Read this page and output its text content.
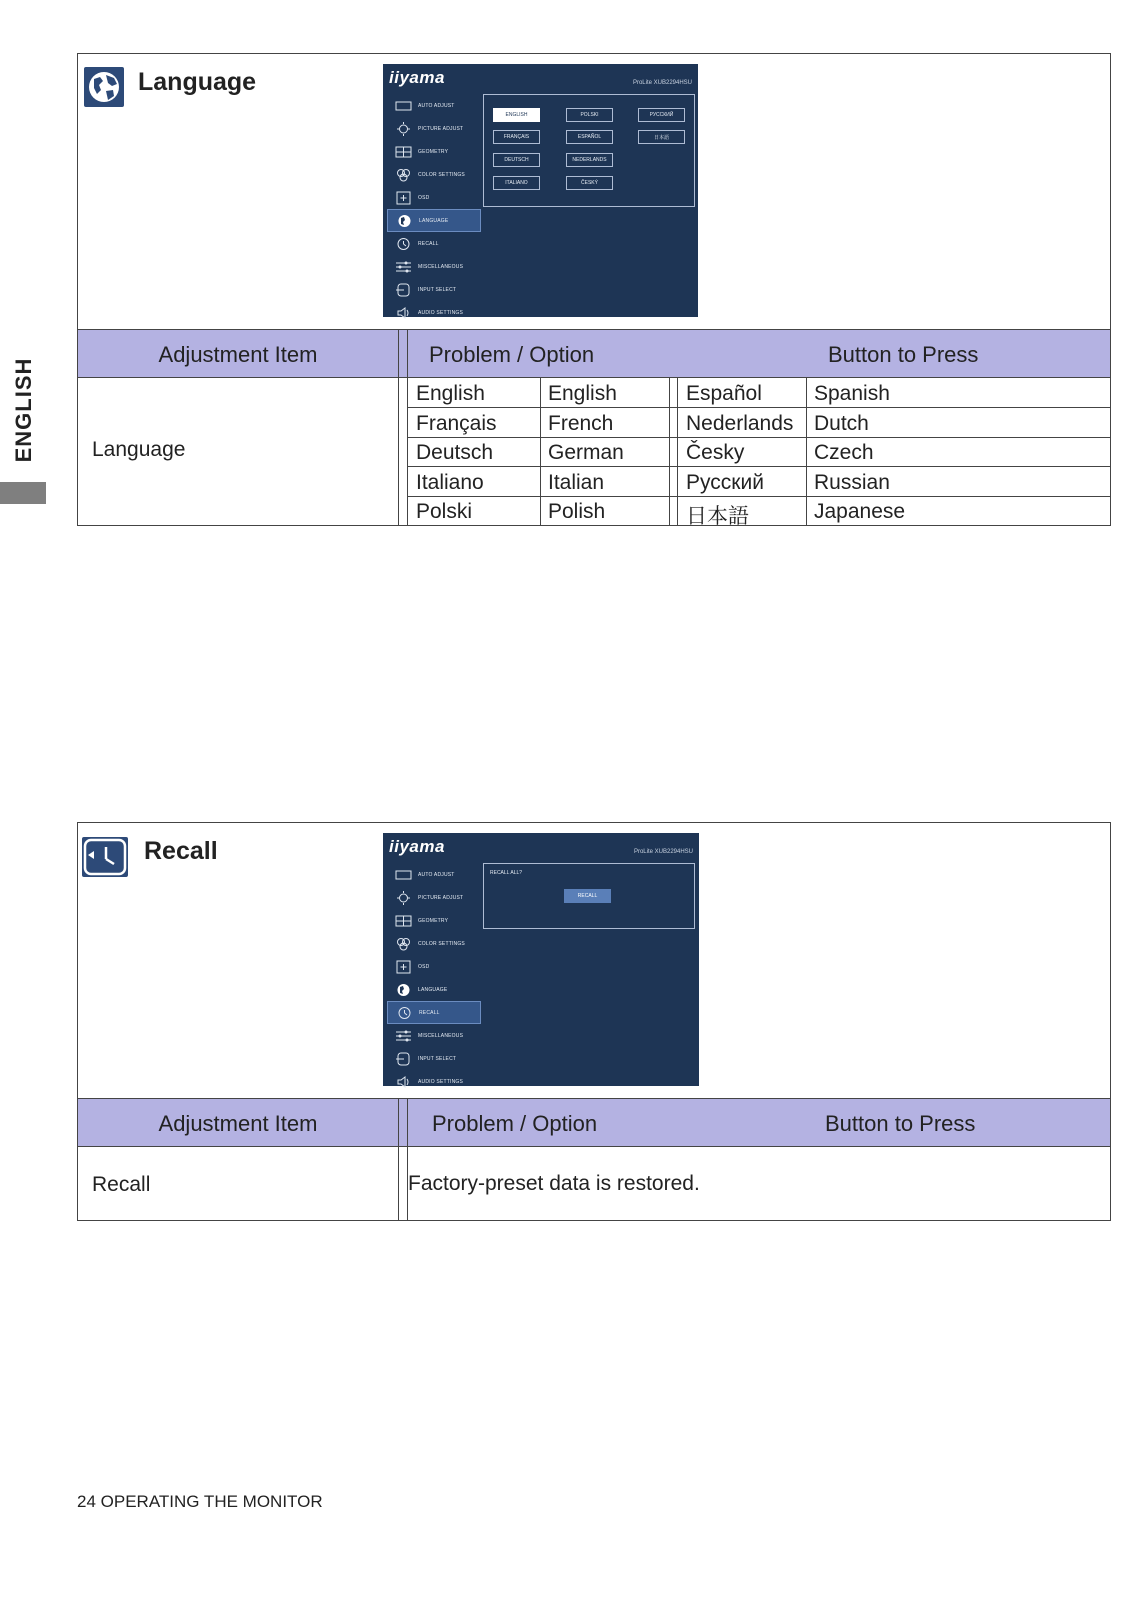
ENGLISH
Language	iiyama	ProLite XUB2294HSU
AUTO ADJUST
PICTURE ADJUST
GEOMETRY
COLOR SETTINGS
OSD
LANGUAGE
RECALL
MISCELLANEOUS
INPUT SELECT
AUDIO SETTINGS
ENGLISH	POLSKI	РУССКИЙ
FRANÇAIS	ESPAÑOL	日本語
DEUTSCH	NEDERLANDS
ITALIANO	ČESKÝ
Adjustment Item	Problem / Option	Button to Press
Language
English	English	Español Spanish
Français French	Nederlands Dutch
Deutsch	German	Česky	Czech
Italiano	Italian	Русский Russian
Polski	Polish	日本語	Japanese
Recall	iiyama	ProLite XUB2294HSU
AUTO ADJUST
PICTURE ADJUST
GEOMETRY
COLOR SETTINGS
OSD
LANGUAGE
RECALL
MISCELLANEOUS
INPUT SELECT
AUDIO SETTINGS
RECALL ALL?
RECALL
Adjustment Item	Problem / Option	Button to Press
Recall	Factory-preset data is restored.
24 OPERATING THE MONITOR
